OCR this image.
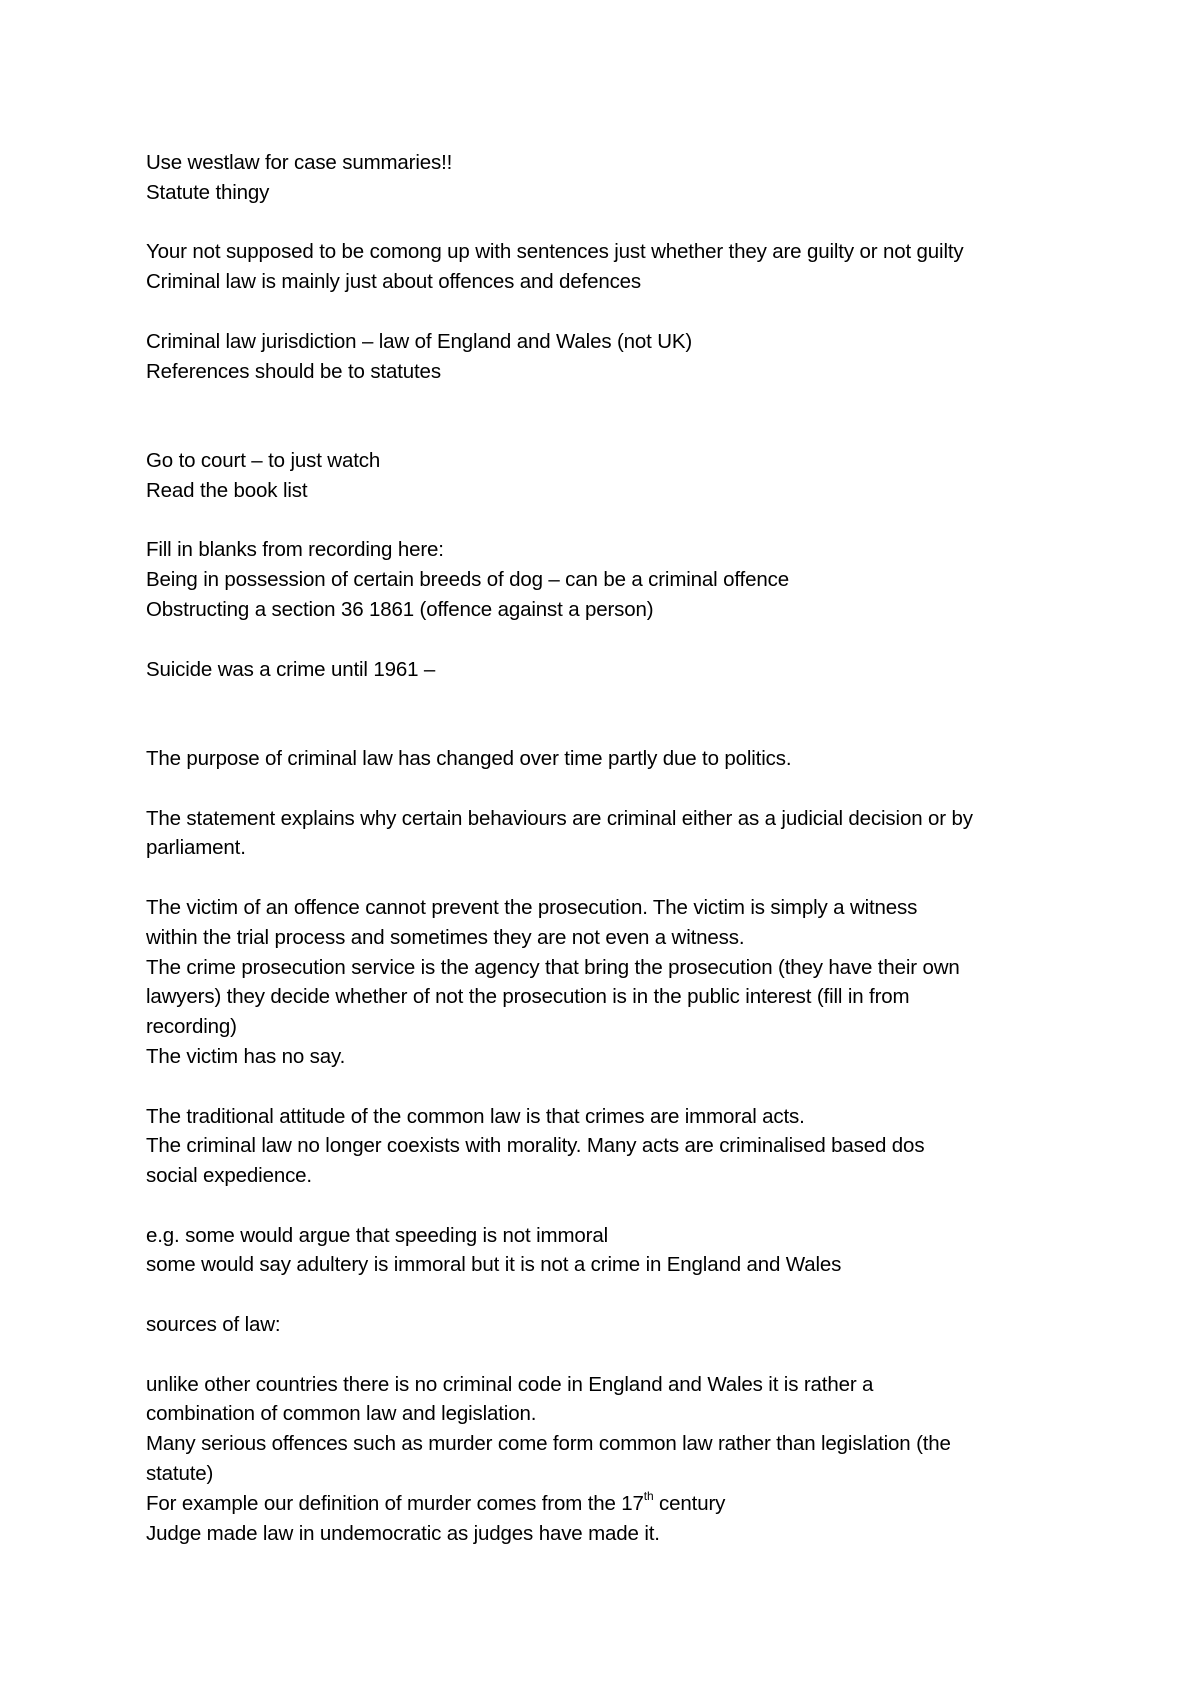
Use westlaw for case summaries!!
Statute thingy
Your not supposed to be comong up with sentences just whether they are guilty or not guilty
Criminal law is mainly just about offences and defences
Criminal law jurisdiction – law of England and Wales (not UK)
References should be to statutes
Go to court – to just watch
Read the book list
Fill in blanks from recording here:
Being in possession of certain breeds of dog – can be a criminal offence
Obstructing a section 36 1861 (offence against a person)
Suicide was a crime until 1961 –
The purpose of criminal law has changed over time partly due to politics.
The statement explains why certain behaviours are criminal either as a judicial decision or by
parliament.
The victim of an offence cannot prevent the prosecution. The victim is simply a witness
within the trial process and sometimes they are not even a witness.
The crime prosecution service is the agency that bring the prosecution (they have their own
lawyers) they decide whether of not the prosecution is in the public interest (fill in from
recording)
The victim has no say.
The traditional attitude of the common law is that crimes are immoral acts.
The criminal law no longer coexists with morality. Many acts are criminalised based dos
social expedience.
e.g. some would argue that speeding is not immoral
some would say adultery is immoral but it is not a crime in England and Wales
sources of law:
unlike other countries there is no criminal code in England and Wales it is rather a
combination of common law and legislation.
Many serious offences such as murder come form common law rather than legislation (the
statute)
For example our definition of murder comes from the 17th century
Judge made law in undemocratic as judges have made it.
